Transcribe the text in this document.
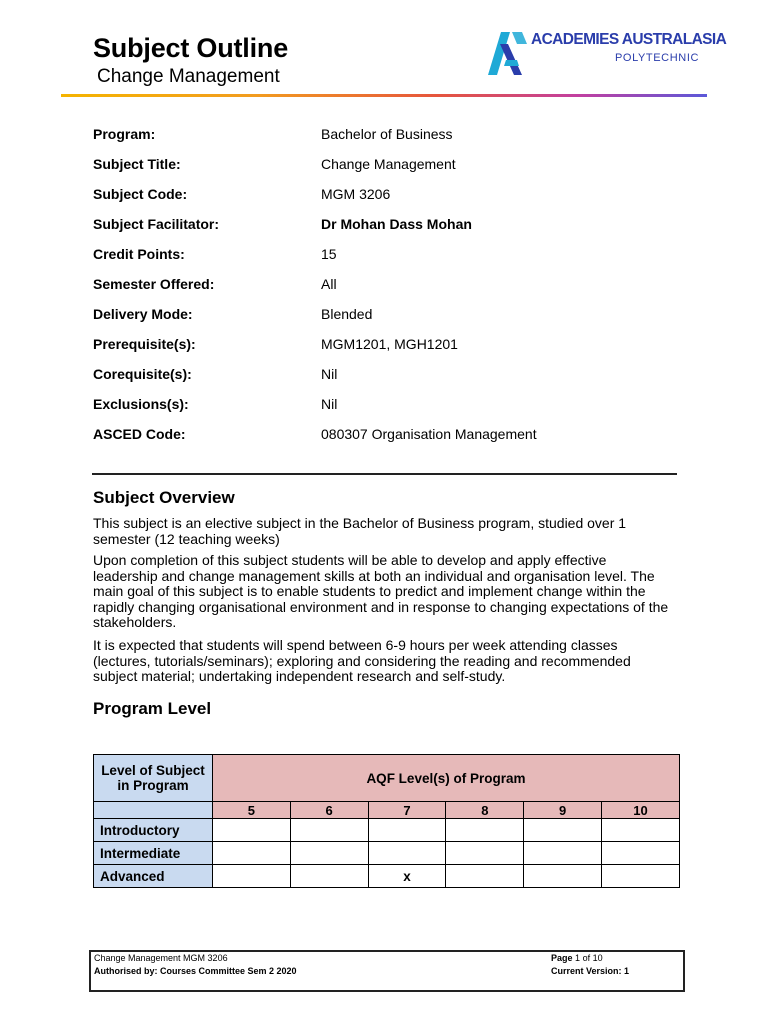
Subject Outline
Change Management
ACADEMIES AUSTRALASIA
POLYTECHNIC
Program:	Bachelor of Business
Subject Title:	Change Management
Subject Code:	MGM 3206
Subject Facilitator:	Dr Mohan Dass Mohan
Credit Points:	15
Semester Offered:	All
Delivery Mode:	Blended
Prerequisite(s):	MGM1201, MGH1201
Corequisite(s):	Nil
Exclusions(s):	Nil
ASCED Code:	080307 Organisation Management
Subject Overview

This subject is an elective subject in the Bachelor of Business program, studied over 1 semester (12 teaching weeks)

Upon completion of this subject students will be able to develop and apply effective leadership and change management skills at both an individual and organisation level. The main goal of this subject is to enable students to predict and implement change within the rapidly changing organisational environment and in response to changing expectations of the stakeholders.

It is expected that students will spend between 6-9 hours per week attending classes (lectures, tutorials/seminars); exploring and considering the reading and recommended subject material; undertaking independent research and self-study.

Program Level
Level of Subject in Program	AQF Level(s) of Program					
	5	6	7	8	9	10
Introductory						
Intermediate						
Advanced			x			
Change Management MGM 3206
Authorised by: Courses Committee Sem 2 2020
Page 1 of 10
Current Version: 1
